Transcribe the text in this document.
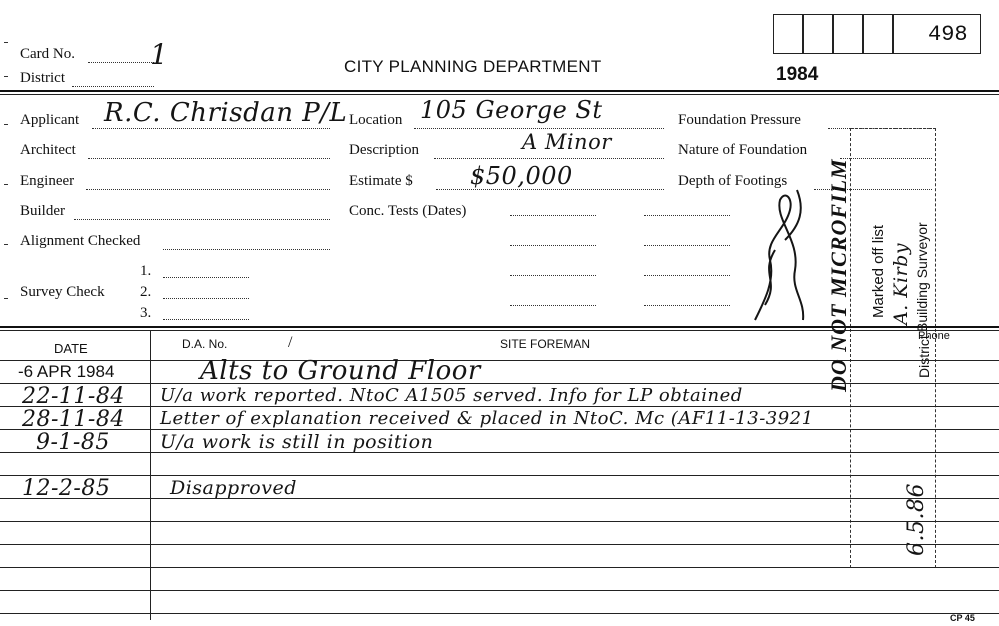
Card No.	1
District
CITY PLANNING DEPARTMENT	1984
498
Applicant R.C. Chrisdan P/L
Architect
Engineer
Builder
Alignment Checked
1.
Survey Check 2.
3.
Location 105 George St
Description	A Minor
Estimate $ $50,000
Conc. Tests (Dates)
Foundation Pressure
Nature of Foundation
Depth of Footings DO NOT MICROFILM Marked off list A. Kirby Building Surveyor
District
6.5.86
DATE	D.A. No.	/	SITE FOREMAN
Phone
-6 APR 1984	Alts to Ground Floor
22-11-84 U/a work reported. NtoC A1505 served. Info for LP obtained
28-11-84 Letter of explanation received & placed in NtoC. Mc (AF11-13-3921
9-1-85	U/a work is still in position
12-2-85	Disapproved
CP 45
